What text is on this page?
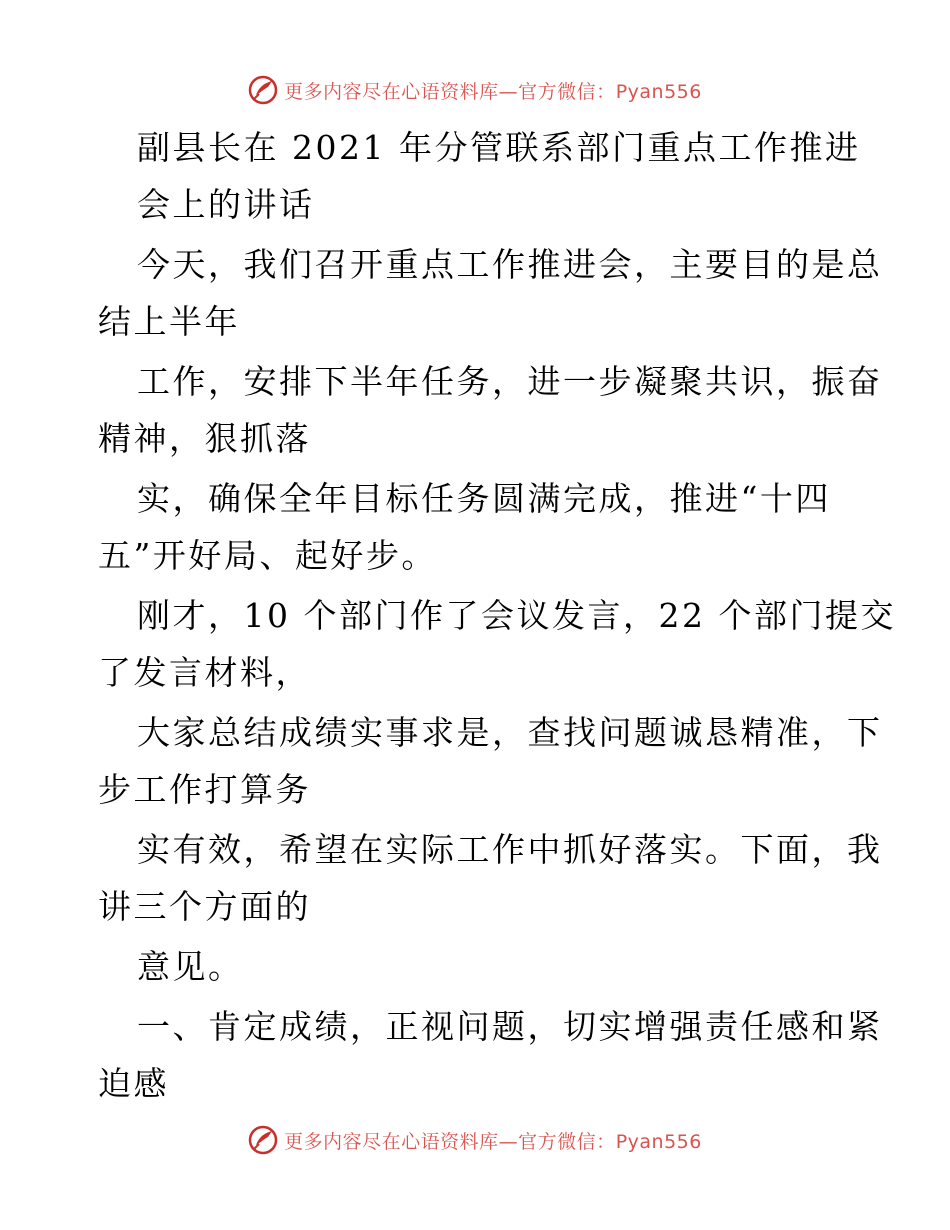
更多内容尽在心语资料库—官方微信：Pyan556
副县长在 2021 年分管联系部门重点工作推进
会上的讲话
今天，我们召开重点工作推进会，主要目的是总
结上半年
工作，安排下半年任务，进一步凝聚共识，振奋
精神，狠抓落
实，确保全年目标任务圆满完成，推进“十四
五”开好局、起好步。
刚才，10 个部门作了会议发言，22 个部门提交
了发言材料，
大家总结成绩实事求是，查找问题诚恳精准，下
步工作打算务
实有效，希望在实际工作中抓好落实。下面，我
讲三个方面的
意见。
一、肯定成绩，正视问题，切实增强责任感和紧
迫感
更多内容尽在心语资料库—官方微信：Pyan556
